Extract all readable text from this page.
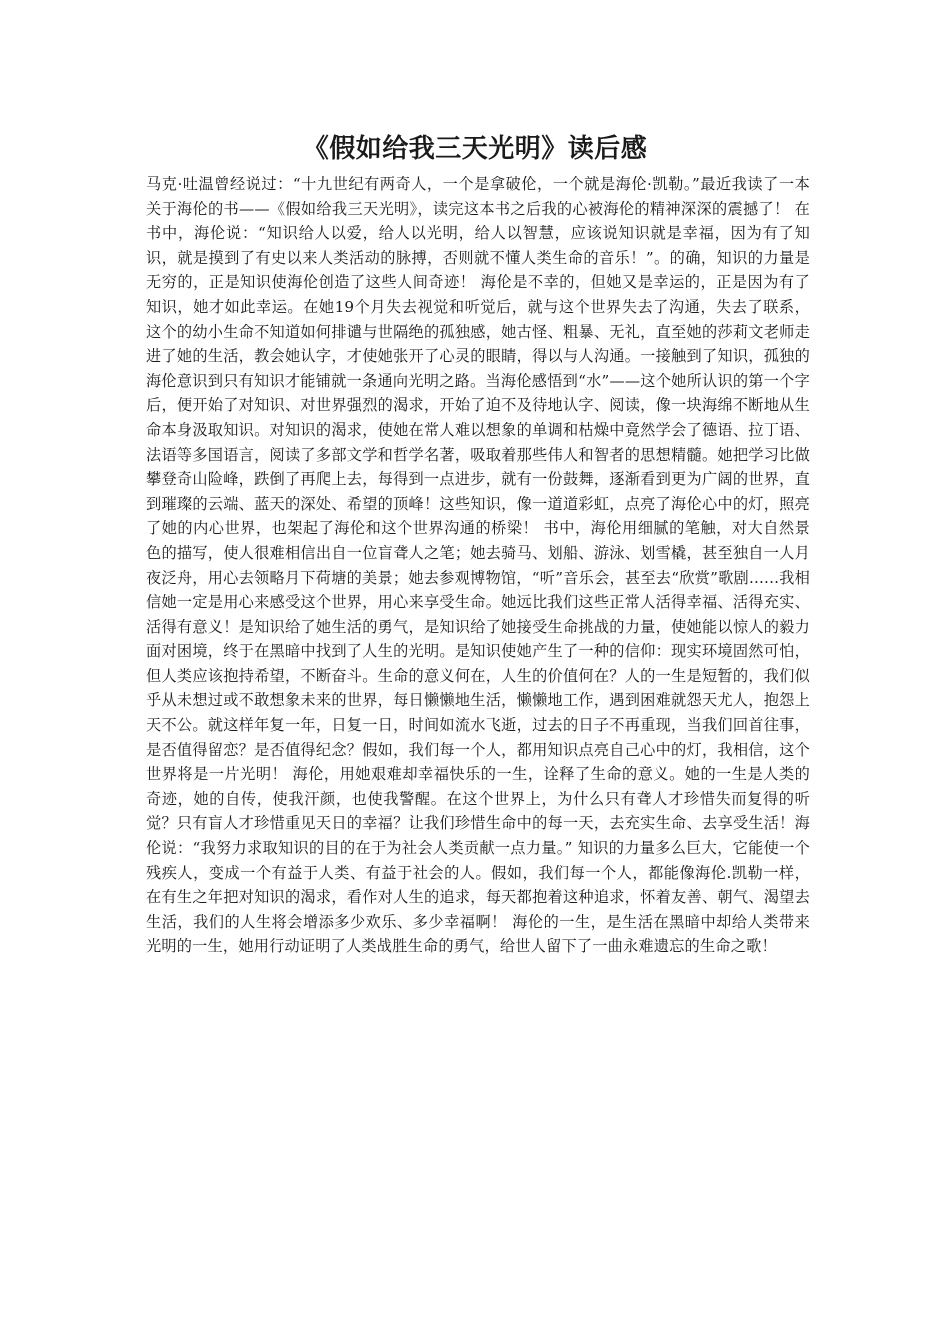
《假如给我三天光明》读后感

马克·吐温曾经说过：“十九世纪有两奇人，一个是拿破伦，一个就是海伦·凯勒。”最近我读了一本关于海伦的书——《假如给我三天光明》，读完这本书之后我的心被海伦的精神深深的震撼了！ 在书中，海伦说：“知识给人以爱，给人以光明，给人以智慧，应该说知识就是幸福，因为有了知识，就是摸到了有史以来人类活动的脉搏，否则就不懂人类生命的音乐！”。的确，知识的力量是无穷的，正是知识使海伦创造了这些人间奇迹！ 海伦是不幸的，但她又是幸运的，正是因为有了知识，她才如此幸运。在她19个月失去视觉和听觉后，就与这个世界失去了沟通，失去了联系，这个的幼小生命不知道如何排谴与世隔绝的孤独感，她古怪、粗暴、无礼，直至她的莎莉文老师走进了她的生活，教会她认字，才使她张开了心灵的眼睛，得以与人沟通。一接触到了知识，孤独的海伦意识到只有知识才能铺就一条通向光明之路。当海伦感悟到“水”——这个她所认识的第一个字后，便开始了对知识、对世界强烈的渴求，开始了迫不及待地认字、阅读，像一块海绵不断地从生命本身汲取知识。对知识的渴求，使她在常人难以想象的单调和枯燥中竟然学会了德语、拉丁语、法语等多国语言，阅读了多部文学和哲学名著，吸取着那些伟人和智者的思想精髓。她把学习比做攀登奇山险峰，跌倒了再爬上去，每得到一点进步，就有一份鼓舞，逐渐看到更为广阔的世界，直到璀璨的云端、蓝天的深处、希望的顶峰！这些知识，像一道道彩虹，点亮了海伦心中的灯，照亮了她的内心世界，也架起了海伦和这个世界沟通的桥梁！ 书中，海伦用细腻的笔触，对大自然景色的描写，使人很难相信出自一位盲聋人之笔；她去骑马、划船、游泳、划雪橇，甚至独自一人月夜泛舟，用心去领略月下荷塘的美景；她去参观博物馆，“听”音乐会，甚至去“欣赏”歌剧......我相信她一定是用心来感受这个世界，用心来享受生命。她远比我们这些正常人活得幸福、活得充实、活得有意义！是知识给了她生活的勇气，是知识给了她接受生命挑战的力量，使她能以惊人的毅力面对困境，终于在黑暗中找到了人生的光明。是知识使她产生了一种的信仰：现实环境固然可怕，但人类应该抱持希望，不断奋斗。生命的意义何在，人生的价值何在？人的一生是短暂的，我们似乎从未想过或不敢想象未来的世界，每日懒懒地生活，懒懒地工作，遇到困难就怨天尤人，抱怨上天不公。就这样年复一年，日复一日，时间如流水飞逝，过去的日子不再重现，当我们回首往事，是否值得留恋？是否值得纪念？假如，我们每一个人，都用知识点亮自己心中的灯，我相信，这个世界将是一片光明！ 海伦，用她艰难却幸福快乐的一生，诠释了生命的意义。她的一生是人类的奇迹，她的自传，使我汗颜，也使我警醒。在这个世界上，为什么只有聋人才珍惜失而复得的听觉？只有盲人才珍惜重见天日的幸福？让我们珍惜生命中的每一天，去充实生命、去享受生活！海伦说：“我努力求取知识的目的在于为社会人类贡献一点力量。” 知识的力量多么巨大，它能使一个残疾人，变成一个有益于人类、有益于社会的人。假如，我们每一个人，都能像海伦.凯勒一样，在有生之年把对知识的渴求，看作对人生的追求，每天都抱着这种追求，怀着友善、朝气、渴望去生活，我们的人生将会增添多少欢乐、多少幸福啊！ 海伦的一生，是生活在黑暗中却给人类带来光明的一生，她用行动证明了人类战胜生命的勇气，给世人留下了一曲永难遗忘的生命之歌！
